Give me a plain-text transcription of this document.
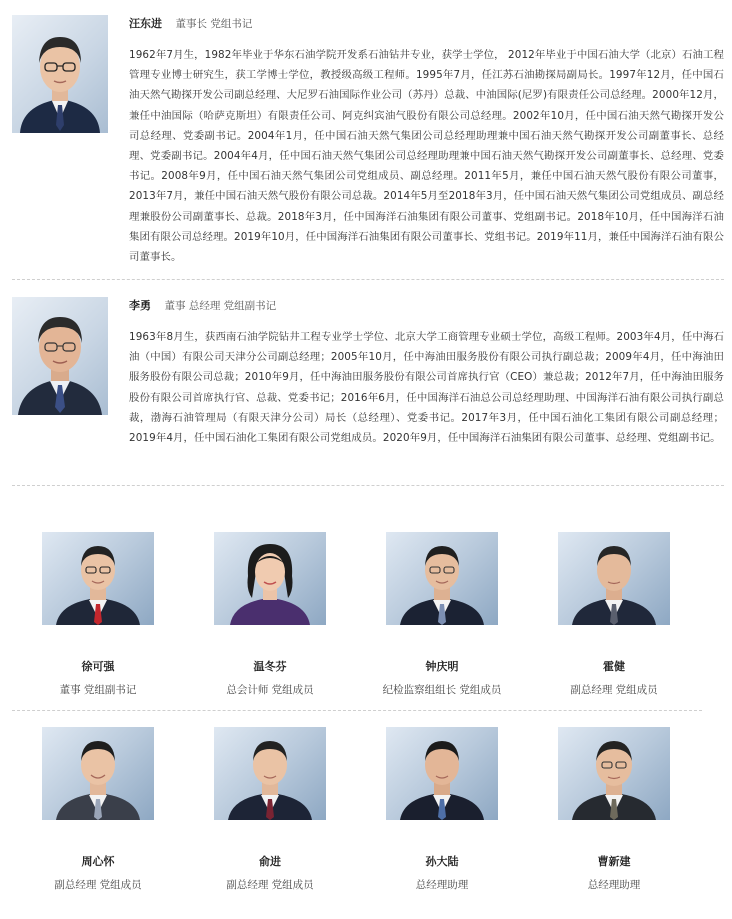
汪东进 董事长 党组书记

1962年7月生，1982年毕业于华东石油学院开发系石油钻井专业，获学士学位， 2012年毕业于中国石油大学（北京）石油工程管理专业博士研究生，获工学博士学位，教授级高级工程师。1995年7月，任江苏石油勘探局副局长。1997年12月，任中国石油天然气勘探开发公司副总经理、大尼罗石油国际作业公司（苏丹）总裁、中油国际(尼罗)有限责任公司总经理。2000年12月，兼任中油国际（哈萨克斯坦）有限责任公司、阿克纠宾油气股份有限公司总经理。2002年10月，任中国石油天然气勘探开发公司总经理、党委副书记。2004年1月，任中国石油天然气集团公司总经理助理兼中国石油天然气勘探开发公司副董事长、总经理、党委副书记。2004年4月，任中国石油天然气集团公司总经理助理兼中国石油天然气勘探开发公司副董事长、总经理、党委书记。2008年9月，任中国石油天然气集团公司党组成员、副总经理。2011年5月，兼任中国石油天然气股份有限公司董事，2013年7月，兼任中国石油天然气股份有限公司总裁。2014年5月至2018年3月，任中国石油天然气集团公司党组成员、副总经理兼股份公司副董事长、总裁。2018年3月，任中国海洋石油集团有限公司董事、党组副书记。2018年10月，任中国海洋石油集团有限公司总经理。2019年10月，任中国海洋石油集团有限公司董事长、党组书记。2019年11月，兼任中国海洋石油有限公司董事长。

李勇 董事 总经理 党组副书记

1963年8月生，获西南石油学院钻井工程专业学士学位、北京大学工商管理专业硕士学位，高级工程师。2003年4月，任中海石油（中国）有限公司天津分公司副总经理；2005年10月，任中海油田服务股份有限公司执行副总裁；2009年4月，任中海油田服务股份有限公司总裁；2010年9月，任中海油田服务股份有限公司首席执行官（CEO）兼总裁；2012年7月，任中海油田服务股份有限公司首席执行官、总裁、党委书记；2016年6月，任中国海洋石油总公司总经理助理、中国海洋石油有限公司执行副总裁，渤海石油管理局（有限天津分公司）局长（总经理）、党委书记。2017年3月，任中国石油化工集团有限公司副总经理；2019年4月，任中国石油化工集团有限公司党组成员。2020年9月，任中国海洋石油集团有限公司董事、总经理、党组副书记。

徐可强
董事 党组副书记
温冬芬
总会计师 党组成员
钟庆明
纪检监察组组长 党组成员
霍健
副总经理 党组成员
周心怀
副总经理 党组成员
俞进
副总经理 党组成员
孙大陆
总经理助理
曹新建
总经理助理
